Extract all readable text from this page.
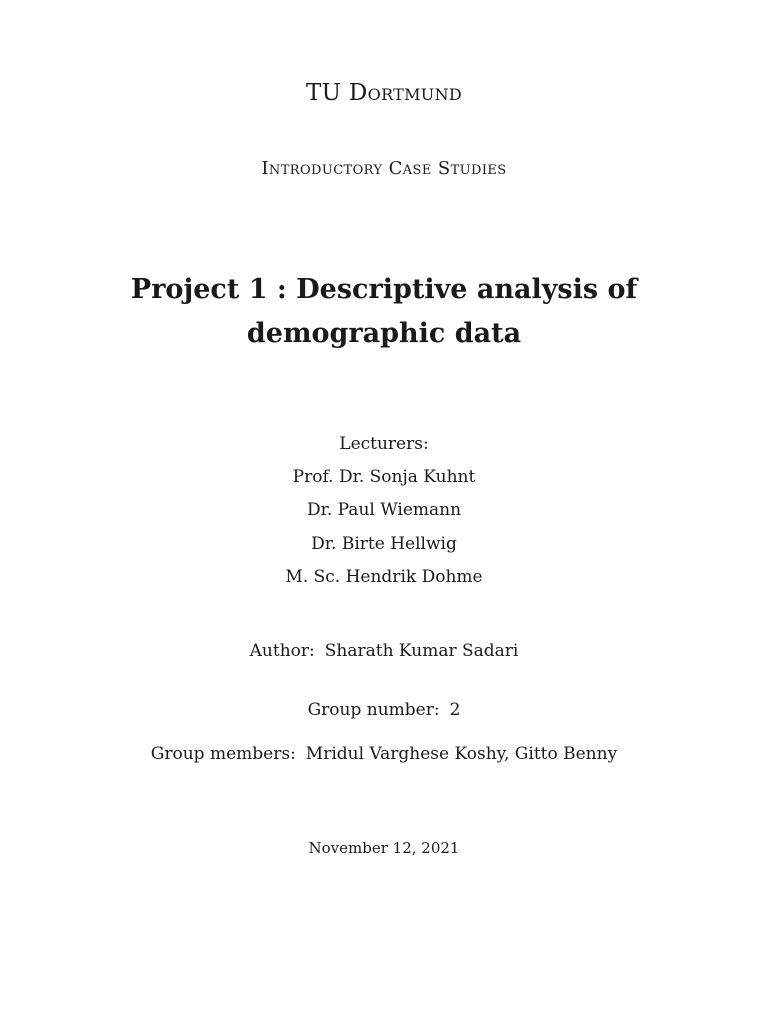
TU Dortmund
Introductory Case Studies
Project 1 : Descriptive analysis of
demographic data
Lecturers:
Prof. Dr. Sonja Kuhnt
Dr. Paul Wiemann
Dr. Birte Hellwig
M. Sc. Hendrik Dohme
Author: Sharath Kumar Sadari
Group number: 2
Group members: Mridul Varghese Koshy, Gitto Benny
November 12, 2021
